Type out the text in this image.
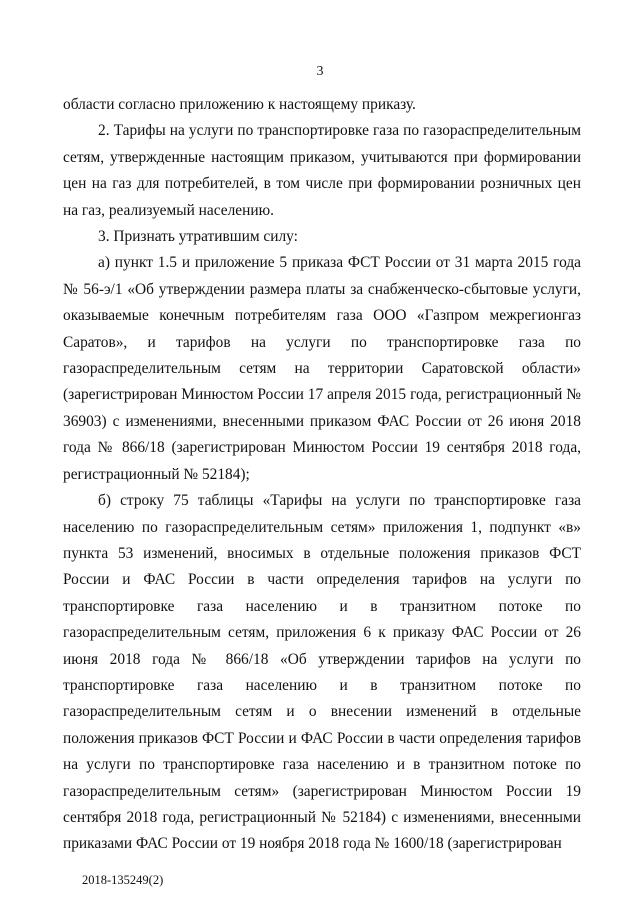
3

области согласно приложению к настоящему приказу.

2. Тарифы на услуги по транспортировке газа по газораспределительным сетям, утвержденные настоящим приказом, учитываются при формировании цен на газ для потребителей, в том числе при формировании розничных цен на газ, реализуемый населению.

3. Признать утратившим силу:

а) пункт 1.5 и приложение 5 приказа ФСТ России от 31 марта 2015 года № 56-э/1 «Об утверждении размера платы за снабженческо-сбытовые услуги, оказываемые конечным потребителям газа ООО «Газпром межрегионгаз Саратов», и тарифов на услуги по транспортировке газа по газораспределительным сетям на территории Саратовской области» (зарегистрирован Минюстом России 17 апреля 2015 года, регистрационный № 36903) с изменениями, внесенными приказом ФАС России от 26 июня 2018 года № 866/18 (зарегистрирован Минюстом России 19 сентября 2018 года, регистрационный № 52184);

б) строку 75 таблицы «Тарифы на услуги по транспортировке газа населению по газораспределительным сетям» приложения 1, подпункт «в» пункта 53 изменений, вносимых в отдельные положения приказов ФСТ России и ФАС России в части определения тарифов на услуги по транспортировке газа населению и в транзитном потоке по газораспределительным сетям, приложения 6 к приказу ФАС России от 26 июня 2018 года № 866/18 «Об утверждении тарифов на услуги по транспортировке газа населению и в транзитном потоке по газораспределительным сетям и о внесении изменений в отдельные положения приказов ФСТ России и ФАС России в части определения тарифов на услуги по транспортировке газа населению и в транзитном потоке по газораспределительным сетям» (зарегистрирован Минюстом России 19 сентября 2018 года, регистрационный № 52184) с изменениями, внесенными приказами ФАС России от 19 ноября 2018 года № 1600/18 (зарегистрирован

2018-135249(2)
